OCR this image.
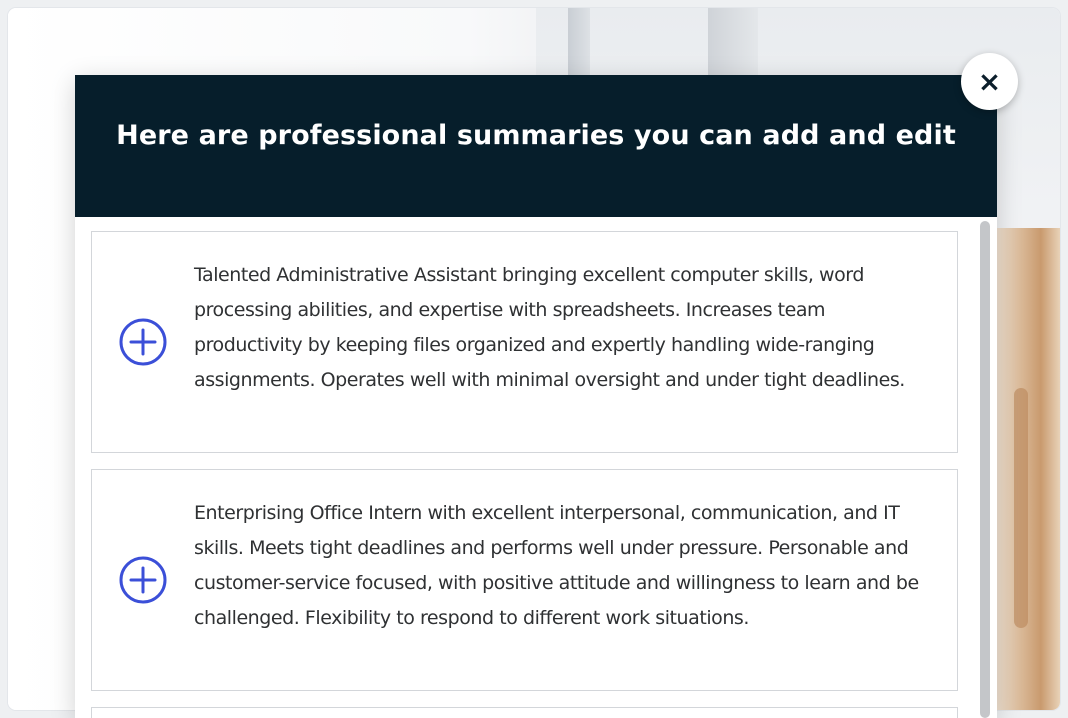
Here are professional summaries you can add and edit

Talented Administrative Assistant bringing excellent computer skills, word processing abilities, and expertise with spreadsheets. Increases team productivity by keeping files organized and expertly handling wide-ranging assignments. Operates well with minimal oversight and under tight deadlines.

Enterprising Office Intern with excellent interpersonal, communication, and IT skills. Meets tight deadlines and performs well under pressure. Personable and customer-service focused, with positive attitude and willingness to learn and be challenged. Flexibility to respond to different work situations.

×
